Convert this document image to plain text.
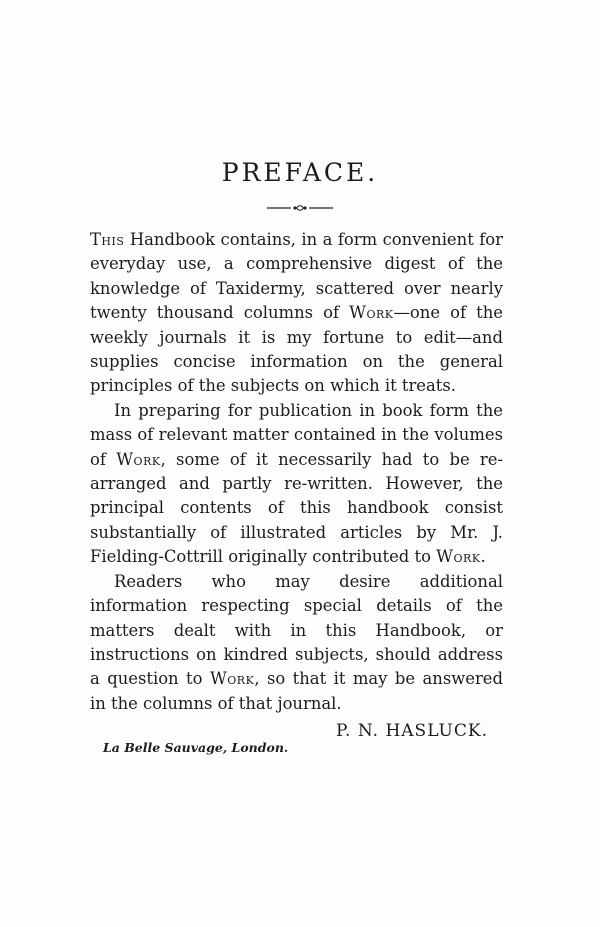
PREFACE.

This Handbook contains, in a form convenient for everyday use, a comprehensive digest of the knowledge of Taxidermy, scattered over nearly twenty thousand columns of Work—one of the weekly journals it is my fortune to edit—and supplies concise information on the general principles of the subjects on which it treats.

In preparing for publication in book form the mass of relevant matter contained in the volumes of Work, some of it necessarily had to be rearranged and partly re-written. However, the principal contents of this handbook consist substantially of illustrated articles by Mr. J. Fielding-Cottrill originally contributed to Work.

Readers who may desire additional information respecting special details of the matters dealt with in this Handbook, or instructions on kindred subjects, should address a question to Work, so that it may be answered in the columns of that journal.

P. N. HASLUCK.
La Belle Sauvage, London.
